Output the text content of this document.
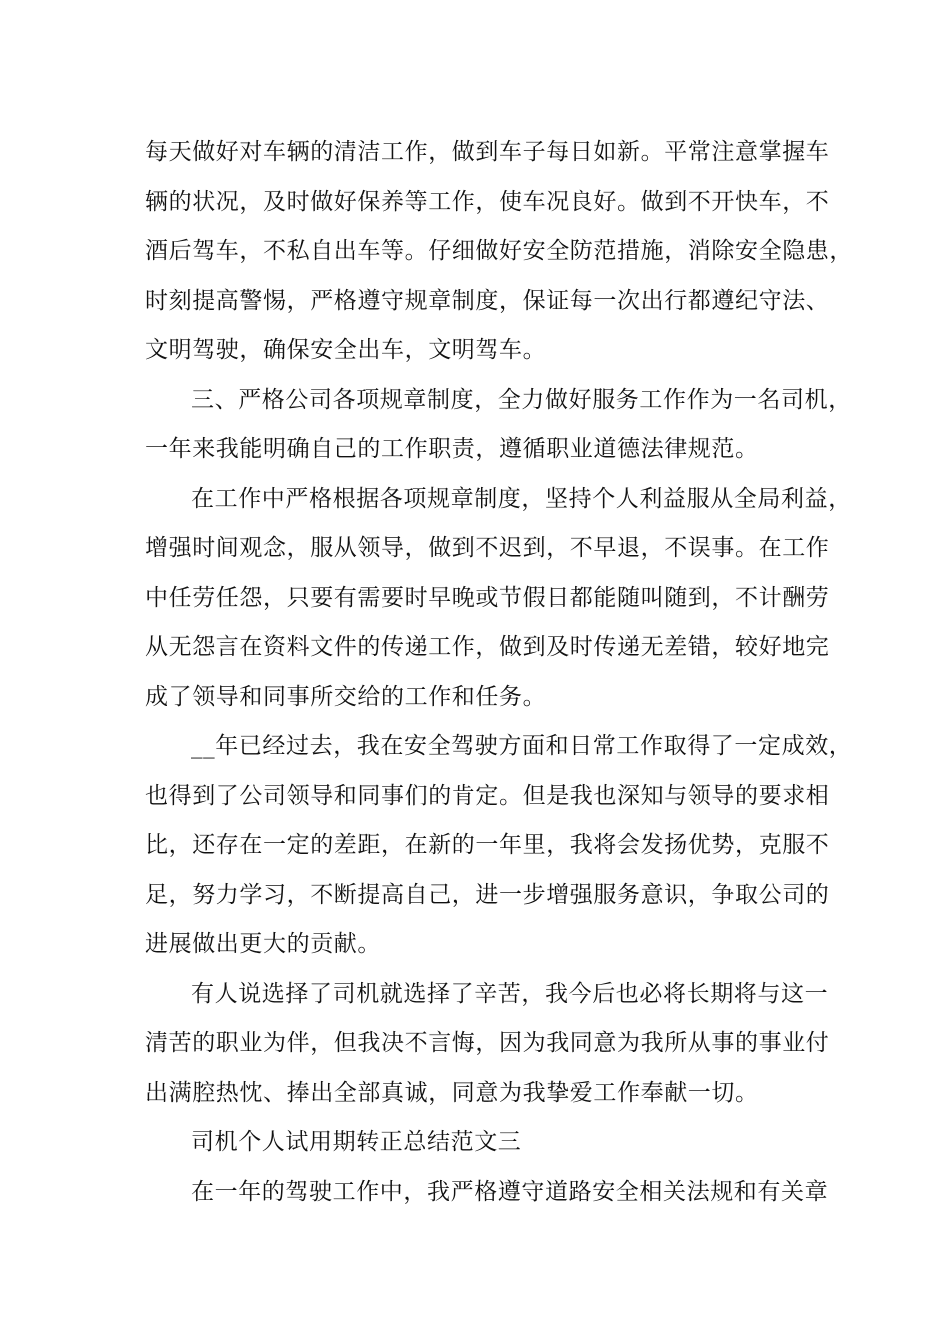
每天做好对车辆的清洁工作，做到车子每日如新。平常注意掌握车
辆的状况，及时做好保养等工作，使车况良好。做到不开快车，不
酒后驾车，不私自出车等。仔细做好安全防范措施，消除安全隐患，
时刻提高警惕，严格遵守规章制度，保证每一次出行都遵纪守法、
文明驾驶，确保安全出车，文明驾车。
三、严格公司各项规章制度，全力做好服务工作作为一名司机，
一年来我能明确自己的工作职责，遵循职业道德法律规范。
在工作中严格根据各项规章制度，坚持个人利益服从全局利益，
增强时间观念，服从领导，做到不迟到，不早退，不误事。在工作
中任劳任怨，只要有需要时早晚或节假日都能随叫随到，不计酬劳
从无怨言在资料文件的传递工作，做到及时传递无差错，较好地完
成了领导和同事所交给的工作和任务。
__年已经过去，我在安全驾驶方面和日常工作取得了一定成效，
也得到了公司领导和同事们的肯定。但是我也深知与领导的要求相
比，还存在一定的差距，在新的一年里，我将会发扬优势，克服不
足，努力学习，不断提高自己，进一步增强服务意识，争取公司的
进展做出更大的贡献。
有人说选择了司机就选择了辛苦，我今后也必将长期将与这一
清苦的职业为伴，但我决不言悔，因为我同意为我所从事的事业付
出满腔热忱、捧出全部真诚，同意为我挚爱工作奉献一切。
司机个人试用期转正总结范文三
在一年的驾驶工作中，我严格遵守道路安全相关法规和有关章
